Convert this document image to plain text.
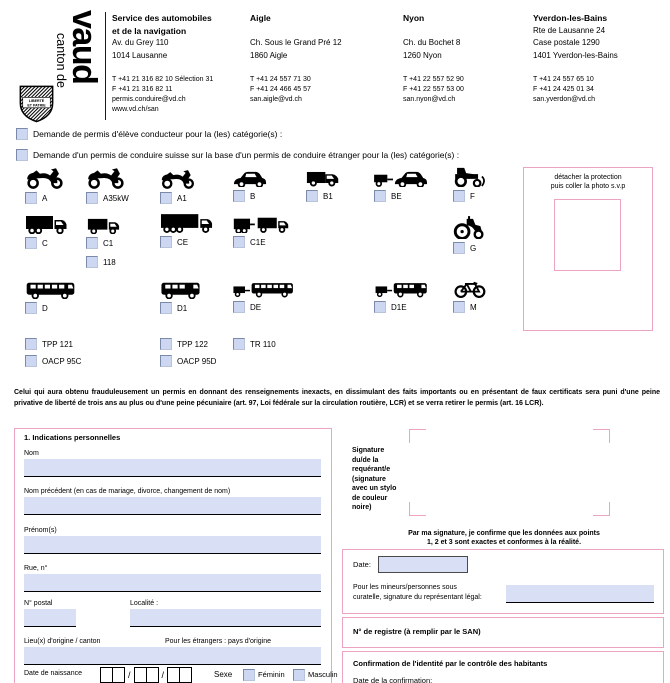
vaud
canton de
LIBERTÉ
ET PATRIE
Service des automobiles
et de la navigation
Av. du Grey 110
1014 Lausanne
T +41 21 316 82 10 Sélection 31
F +41 21 316 82 11
permis.conduire@vd.ch
www.vd.ch/san
Aigle
Ch. Sous le Grand Pré 12
1860 Aigle
T +41 24 557 71 30
F +41 24 466 45 57
san.aigle@vd.ch
Nyon
Ch. du Bochet 8
1260 Nyon
T +41 22 557 52 90
F +41 22 557 53 00
san.nyon@vd.ch
Yverdon-les-Bains
Rte de Lausanne 24
Case postale 1290
1401 Yverdon-les-Bains
T +41 24 557 65 10
F +41 24 425 01 34
san.yverdon@vd.ch
Demande de permis d'élève conducteur pour la (les) catégorie(s) :
Demande d'un permis de conduire suisse sur la base d'un permis de conduire étranger pour la (les) catégorie(s) :
A	A35kW	A1	B	B1	BE	F
C	C1
118
CE	C1E
G
D	D1	DE	D1E	M
TPP 121	TPP 122	TR 110
OACP 95C	OACP 95D
détacher la protection
puis coller la photo s.v.p
Celui qui aura obtenu frauduleusement un permis en donnant des renseignements inexacts, en dissimulant des faits importants ou en présentant de faux certificats sera puni d'une peine privative de liberté de trois ans au plus ou d'une peine pécuniaire (art. 97, Loi fédérale sur la circulation routière, LCR) et se verra retirer le permis (art. 16 LCR).
1. Indications personnelles
Nom
Nom précédent (en cas de mariage, divorce, changement de nom)
Prénom(s)
Rue, n°
N° postal	Localité :
Lieu(x) d'origine / canton	Pour les étrangers : pays d'origine
Date de naissance	/	/	Sexe	Féminin	Masculin
Signature
du/de la
requérant/e
(signature
avec un stylo
de couleur
noire)
Par ma signature, je confirme que les données aux points
1, 2 et 3 sont exactes et conformes à la réalité.
Date:
Pour les mineurs/personnes sous
curatelle, signature du représentant légal:
N° de registre (à remplir par le SAN)
Confirmation de l'identité par le contrôle des habitants
Date de la confirmation:
